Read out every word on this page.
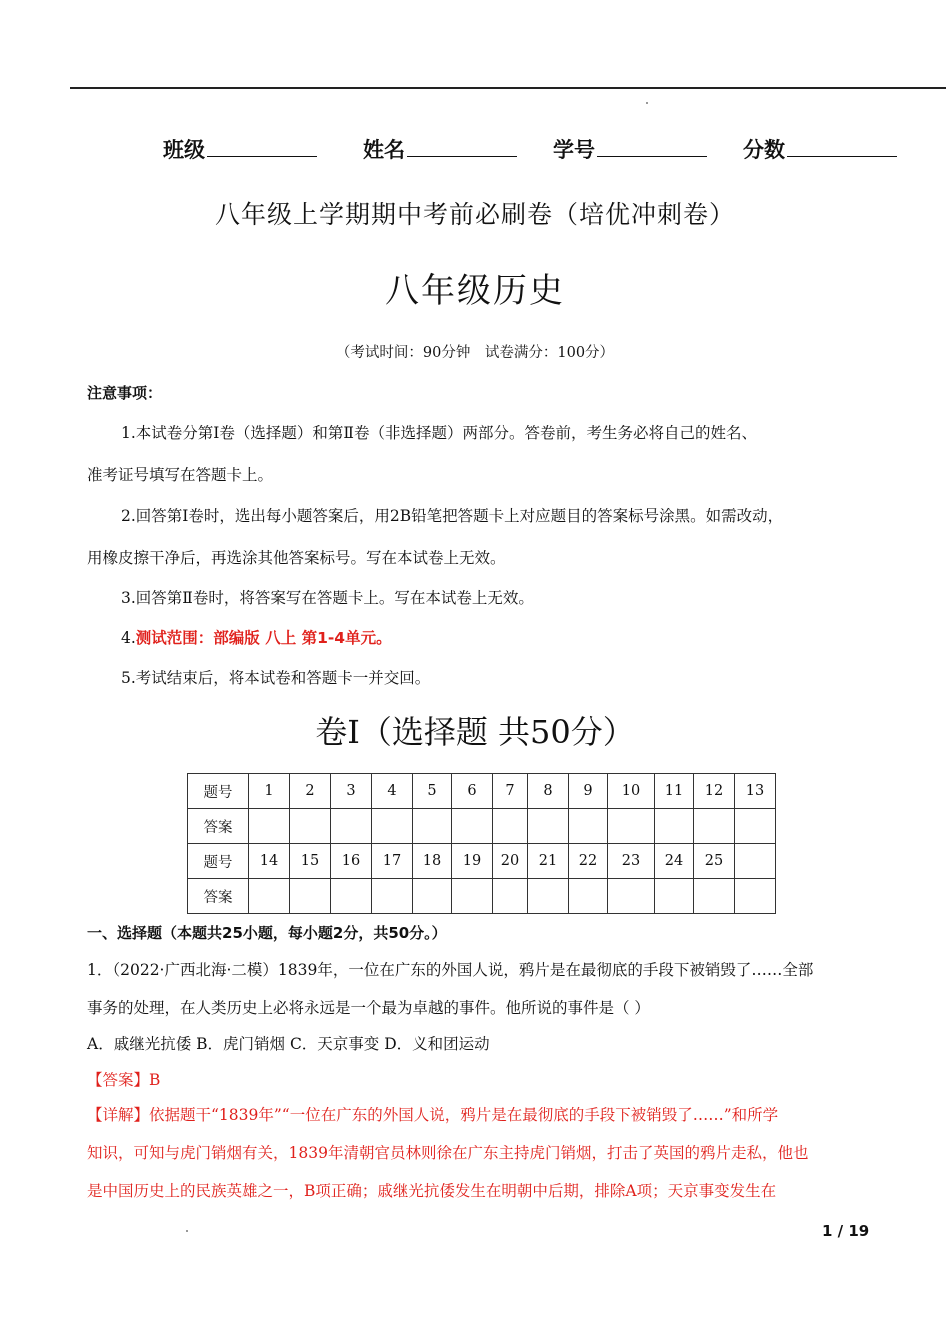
班级	姓名	学号	分数
八年级上学期期中考前必刷卷（培优冲刺卷）
八年级历史
（考试时间：90分钟　试卷满分：100分）
注意事项：
1.本试卷分第Ⅰ卷（选择题）和第Ⅱ卷（非选择题）两部分。答卷前，考生务必将自己的姓名、
准考证号填写在答题卡上。
2.回答第Ⅰ卷时，选出每小题答案后，用2B铅笔把答题卡上对应题目的答案标号涂黑。如需改动，
用橡皮擦干净后，再选涂其他答案标号。写在本试卷上无效。
3.回答第Ⅱ卷时，将答案写在答题卡上。写在本试卷上无效。
4.测试范围：部编版 八上 第1-4单元。
5.考试结束后，将本试卷和答题卡一并交回。
卷Ⅰ（选择题 共50分）
题号	1	2	3	4	5	6	7	8	9	10	11	12	13
答案													
题号	14	15	16	17	18	19	20	21	22	23	24	25	
答案													
一、选择题（本题共25小题，每小题2分，共50分。）
1．（2022·广西北海·二模）1839年，一位在广东的外国人说，鸦片是在最彻底的手段下被销毁了……全部
事务的处理，在人类历史上必将永远是一个最为卓越的事件。他所说的事件是（ ）
A．戚继光抗倭 B．虎门销烟 C．天京事变 D．义和团运动
【答案】B
【详解】依据题干“1839年”“一位在广东的外国人说，鸦片是在最彻底的手段下被销毁了……”和所学
知识，可知与虎门销烟有关，1839年清朝官员林则徐在广东主持虎门销烟，打击了英国的鸦片走私，他也
是中国历史上的民族英雄之一，B项正确；戚继光抗倭发生在明朝中后期，排除A项；天京事变发生在
1 / 19
